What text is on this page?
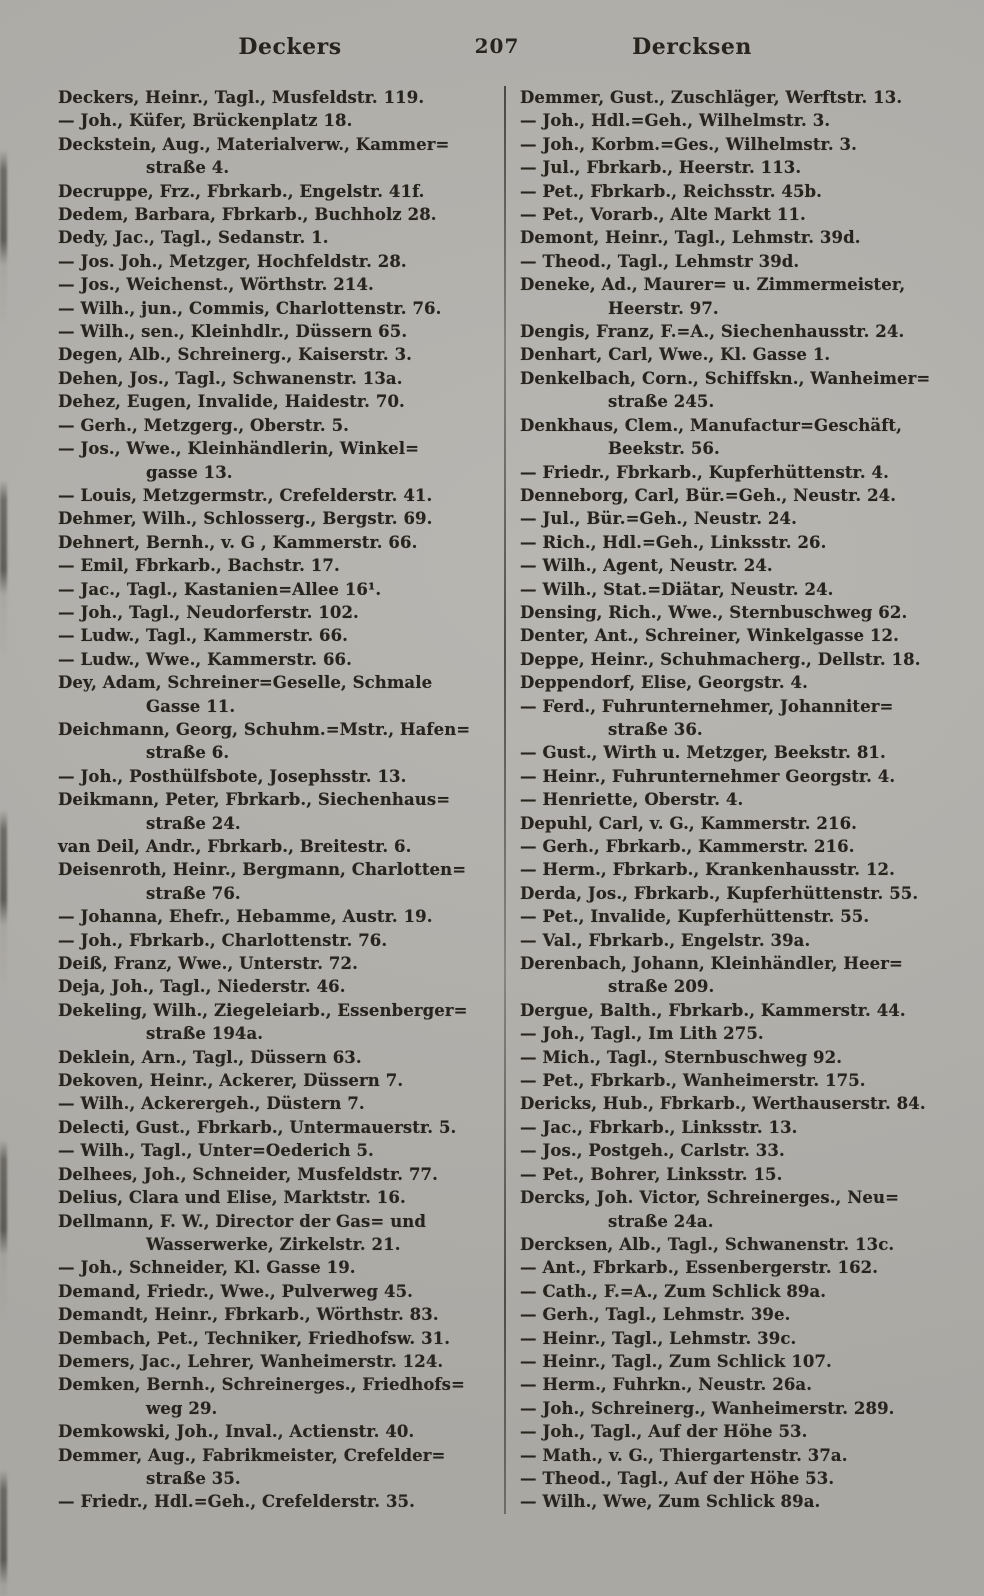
Deckers	207	Dercksen
Deckers, Heinr., Tagl., Musfeldstr. 119.
— Joh., Küfer, Brückenplatz 18.
Deckstein, Aug., Materialverw., Kammer=
straße 4.
Decruppe, Frz., Fbrkarb., Engelstr. 41f.
Dedem, Barbara, Fbrkarb., Buchholz 28.
Dedy, Jac., Tagl., Sedanstr. 1.
— Jos. Joh., Metzger, Hochfeldstr. 28.
— Jos., Weichenst., Wörthstr. 214.
— Wilh., jun., Commis, Charlottenstr. 76.
— Wilh., sen., Kleinhdlr., Düssern 65.
Degen, Alb., Schreinerg., Kaiserstr. 3.
Dehen, Jos., Tagl., Schwanenstr. 13a.
Dehez, Eugen, Invalide, Haidestr. 70.
— Gerh., Metzgerg., Oberstr. 5.
— Jos., Wwe., Kleinhändlerin, Winkel=
gasse 13.
— Louis, Metzgermstr., Crefelderstr. 41.
Dehmer, Wilh., Schlosserg., Bergstr. 69.
Dehnert, Bernh., v. G , Kammerstr. 66.
— Emil, Fbrkarb., Bachstr. 17.
— Jac., Tagl., Kastanien=Allee 16¹.
— Joh., Tagl., Neudorferstr. 102.
— Ludw., Tagl., Kammerstr. 66.
— Ludw., Wwe., Kammerstr. 66.
Dey, Adam, Schreiner=Geselle, Schmale
Gasse 11.
Deichmann, Georg, Schuhm.=Mstr., Hafen=
straße 6.
— Joh., Posthülfsbote, Josephsstr. 13.
Deikmann, Peter, Fbrkarb., Siechenhaus=
straße 24.
van Deil, Andr., Fbrkarb., Breitestr. 6.
Deisenroth, Heinr., Bergmann, Charlotten=
straße 76.
— Johanna, Ehefr., Hebamme, Austr. 19.
— Joh., Fbrkarb., Charlottenstr. 76.
Deiß, Franz, Wwe., Unterstr. 72.
Deja, Joh., Tagl., Niederstr. 46.
Dekeling, Wilh., Ziegeleiarb., Essenberger=
straße 194a.
Deklein, Arn., Tagl., Düssern 63.
Dekoven, Heinr., Ackerer, Düssern 7.
— Wilh., Ackerergeh., Düstern 7.
Delecti, Gust., Fbrkarb., Untermauerstr. 5.
— Wilh., Tagl., Unter=Oederich 5.
Delhees, Joh., Schneider, Musfeldstr. 77.
Delius, Clara und Elise, Marktstr. 16.
Dellmann, F. W., Director der Gas= und
Wasserwerke, Zirkelstr. 21.
— Joh., Schneider, Kl. Gasse 19.
Demand, Friedr., Wwe., Pulverweg 45.
Demandt, Heinr., Fbrkarb., Wörthstr. 83.
Dembach, Pet., Techniker, Friedhofsw. 31.
Demers, Jac., Lehrer, Wanheimerstr. 124.
Demken, Bernh., Schreinerges., Friedhofs=
weg 29.
Demkowski, Joh., Inval., Actienstr. 40.
Demmer, Aug., Fabrikmeister, Crefelder=
straße 35.
— Friedr., Hdl.=Geh., Crefelderstr. 35.
Demmer, Gust., Zuschläger, Werftstr. 13.
— Joh., Hdl.=Geh., Wilhelmstr. 3.
— Joh., Korbm.=Ges., Wilhelmstr. 3.
— Jul., Fbrkarb., Heerstr. 113.
— Pet., Fbrkarb., Reichsstr. 45b.
— Pet., Vorarb., Alte Markt 11.
Demont, Heinr., Tagl., Lehmstr. 39d.
— Theod., Tagl., Lehmstr 39d.
Deneke, Ad., Maurer= u. Zimmermeister,
Heerstr. 97.
Dengis, Franz, F.=A., Siechenhausstr. 24.
Denhart, Carl, Wwe., Kl. Gasse 1.
Denkelbach, Corn., Schiffskn., Wanheimer=
straße 245.
Denkhaus, Clem., Manufactur=Geschäft,
Beekstr. 56.
— Friedr., Fbrkarb., Kupferhüttenstr. 4.
Denneborg, Carl, Bür.=Geh., Neustr. 24.
— Jul., Bür.=Geh., Neustr. 24.
— Rich., Hdl.=Geh., Linksstr. 26.
— Wilh., Agent, Neustr. 24.
— Wilh., Stat.=Diätar, Neustr. 24.
Densing, Rich., Wwe., Sternbuschweg 62.
Denter, Ant., Schreiner, Winkelgasse 12.
Deppe, Heinr., Schuhmacherg., Dellstr. 18.
Deppendorf, Elise, Georgstr. 4.
— Ferd., Fuhrunternehmer, Johanniter=
straße 36.
— Gust., Wirth u. Metzger, Beekstr. 81.
— Heinr., Fuhrunternehmer Georgstr. 4.
— Henriette, Oberstr. 4.
Depuhl, Carl, v. G., Kammerstr. 216.
— Gerh., Fbrkarb., Kammerstr. 216.
— Herm., Fbrkarb., Krankenhausstr. 12.
Derda, Jos., Fbrkarb., Kupferhüttenstr. 55.
— Pet., Invalide, Kupferhüttenstr. 55.
— Val., Fbrkarb., Engelstr. 39a.
Derenbach, Johann, Kleinhändler, Heer=
straße 209.
Dergue, Balth., Fbrkarb., Kammerstr. 44.
— Joh., Tagl., Im Lith 275.
— Mich., Tagl., Sternbuschweg 92.
— Pet., Fbrkarb., Wanheimerstr. 175.
Dericks, Hub., Fbrkarb., Werthauserstr. 84.
— Jac., Fbrkarb., Linksstr. 13.
— Jos., Postgeh., Carlstr. 33.
— Pet., Bohrer, Linksstr. 15.
Dercks, Joh. Victor, Schreinerges., Neu=
straße 24a.
Dercksen, Alb., Tagl., Schwanenstr. 13c.
— Ant., Fbrkarb., Essenbergerstr. 162.
— Cath., F.=A., Zum Schlick 89a.
— Gerh., Tagl., Lehmstr. 39e.
— Heinr., Tagl., Lehmstr. 39c.
— Heinr., Tagl., Zum Schlick 107.
— Herm., Fuhrkn., Neustr. 26a.
— Joh., Schreinerg., Wanheimerstr. 289.
— Joh., Tagl., Auf der Höhe 53.
— Math., v. G., Thiergartenstr. 37a.
— Theod., Tagl., Auf der Höhe 53.
— Wilh., Wwe, Zum Schlick 89a.
